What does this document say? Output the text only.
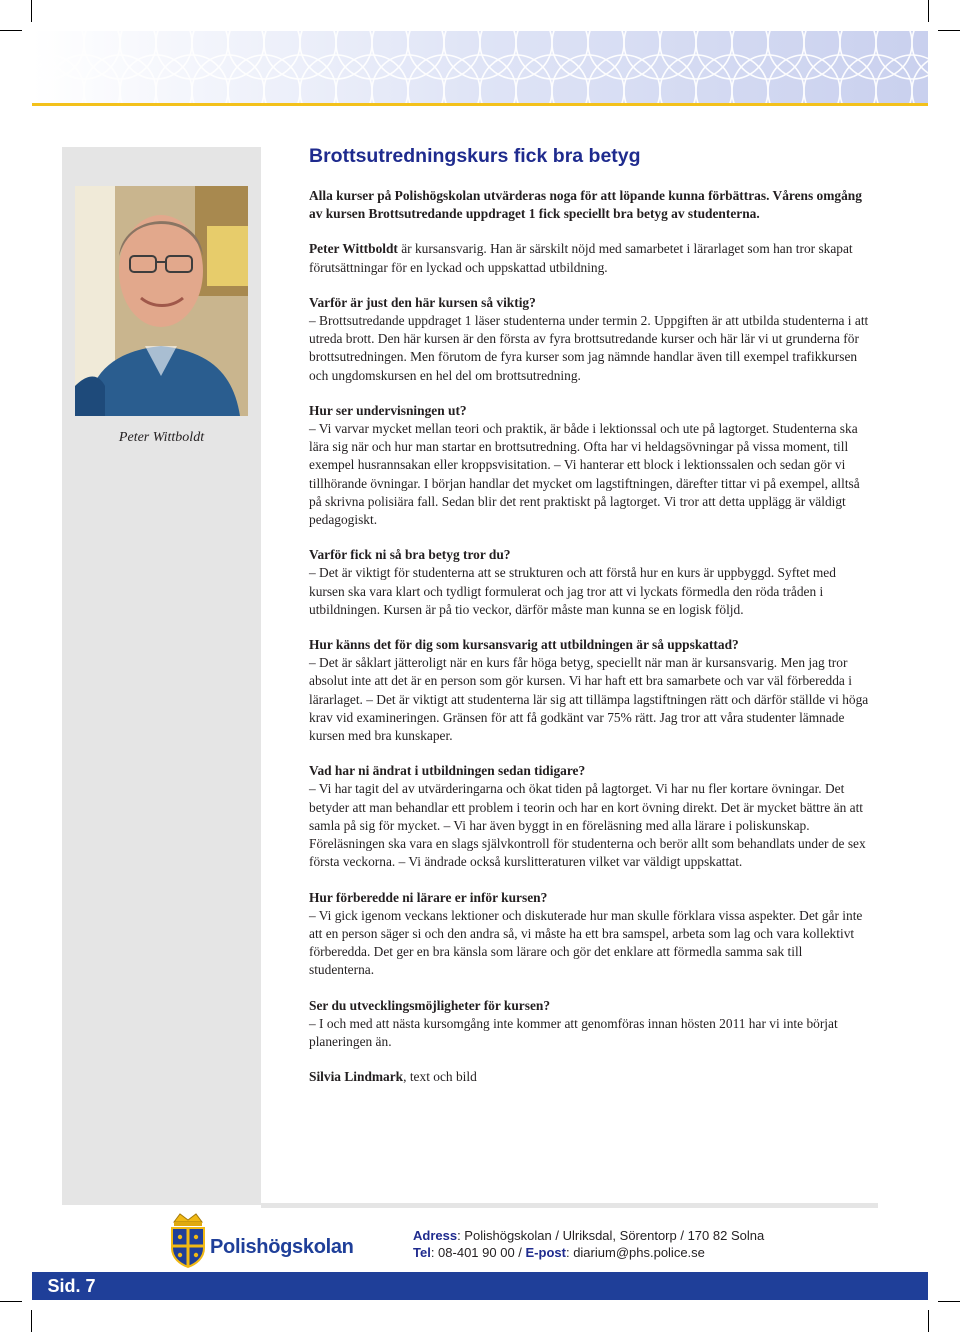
Peter Wittboldt
Brottsutredningskurs fick bra betyg

Alla kurser på Polishögskolan utvärderas noga för att löpande kunna förbättras. Vårens omgång av kursen Brottsutredande uppdraget 1 fick speciellt bra betyg av studenterna.

Peter Wittboldt är kursansvarig. Han är särskilt nöjd med samarbetet i lärarlaget som han tror skapat förutsättningar för en lyckad och uppskattad utbildning.

Varför är just den här kursen så viktig?
– Brottsutredande uppdraget 1 läser studenterna under termin 2. Uppgiften är att utbilda studenterna i att utreda brott. Den här kursen är den första av fyra brottsutredande kurser och här lär vi ut grunderna för brottsutredningen. Men förutom de fyra kurser som jag nämnde handlar även till exempel trafikkursen och ungdomskursen en hel del om brottsutredning.

Hur ser undervisningen ut?
– Vi varvar mycket mellan teori och praktik, är både i lektionssal och ute på lagtorget. Studenterna ska lära sig när och hur man startar en brottsutredning. Ofta har vi heldagsövningar på vissa moment, till exempel husrannsakan eller kroppsvisitation. – Vi hanterar ett block i lektionssalen och sedan gör vi tillhörande övningar. I början handlar det mycket om lagstiftningen, därefter tittar vi på exempel, alltså på skrivna polisiära fall. Sedan blir det rent praktiskt på lagtorget. Vi tror att detta upplägg är väldigt pedagogiskt.

Varför fick ni så bra betyg tror du?
– Det är viktigt för studenterna att se strukturen och att förstå hur en kurs är uppbyggd. Syftet med kursen ska vara klart och tydligt formulerat och jag tror att vi lyckats förmedla den röda tråden i utbildningen. Kursen är på tio veckor, därför måste man kunna se en logisk följd.

Hur känns det för dig som kursansvarig att utbildningen är så uppskattad?
– Det är såklart jätteroligt när en kurs får höga betyg, speciellt när man är kursansvarig. Men jag tror absolut inte att det är en person som gör kursen. Vi har haft ett bra samarbete och var väl förberedda i lärarlaget. – Det är viktigt att studenterna lär sig att tillämpa lagstiftningen rätt och därför ställde vi höga krav vid examineringen. Gränsen för att få godkänt var 75% rätt. Jag tror att våra studenter lämnade kursen med bra kunskaper.

Vad har ni ändrat i utbildningen sedan tidigare?
– Vi har tagit del av utvärderingarna och ökat tiden på lagtorget. Vi har nu fler kortare övningar. Det betyder att man behandlar ett problem i teorin och har en kort övning direkt. Det är mycket bättre än att samla på sig för mycket. – Vi har även byggt in en föreläsning med alla lärare i poliskunskap. Föreläsningen ska vara en slags självkontroll för studenterna och berör allt som behandlats under de sex första veckorna. – Vi ändrade också kurslitteraturen vilket var väldigt uppskattat.

Hur förberedde ni lärare er inför kursen?
– Vi gick igenom veckans lektioner och diskuterade hur man skulle förklara vissa aspekter. Det går inte att en person säger si och den andra så, vi måste ha ett bra samspel, arbeta som lag och vara kollektivt förberedda. Det ger en bra känsla som lärare och gör det enklare att förmedla samma sak till studenterna.

Ser du utvecklingsmöjligheter för kursen?
– I och med att nästa kursomgång inte kommer att genomföras innan hösten 2011 har vi inte börjat planeringen än.

Silvia Lindmark, text och bild

Polishögskolan
Adress: Polishögskolan / Ulriksdal, Sörentorp / 170 82 Solna
Tel: 08-401 90 00 / E-post: diarium@phs.police.se
Sid. 7
